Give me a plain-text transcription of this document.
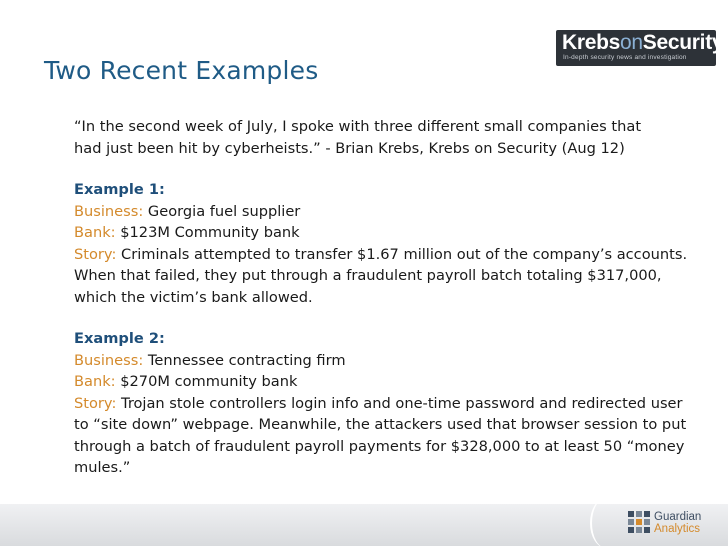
Two Recent Examples
KrebsonSecurity
In-depth security news and investigation

“In the second week of July, I spoke with three different small companies that
had just been hit by cyberheists.” - Brian Krebs, Krebs on Security (Aug 12)

Example 1:

Business: Georgia fuel supplier

Bank: $123M Community bank

Story: Criminals attempted to transfer $1.67 million out of the company’s accounts. When that failed, they put through a fraudulent payroll batch totaling $317,000, which the victim’s bank allowed.

Example 2:

Business: Tennessee contracting firm

Bank: $270M community bank

Story: Trojan stole controllers login info and one-time password and redirected user to “site down” webpage. Meanwhile, the attackers used that browser session to put through a batch of fraudulent payroll payments for $328,000 to at least 50 “money mules.”

Guardian
Analytics
